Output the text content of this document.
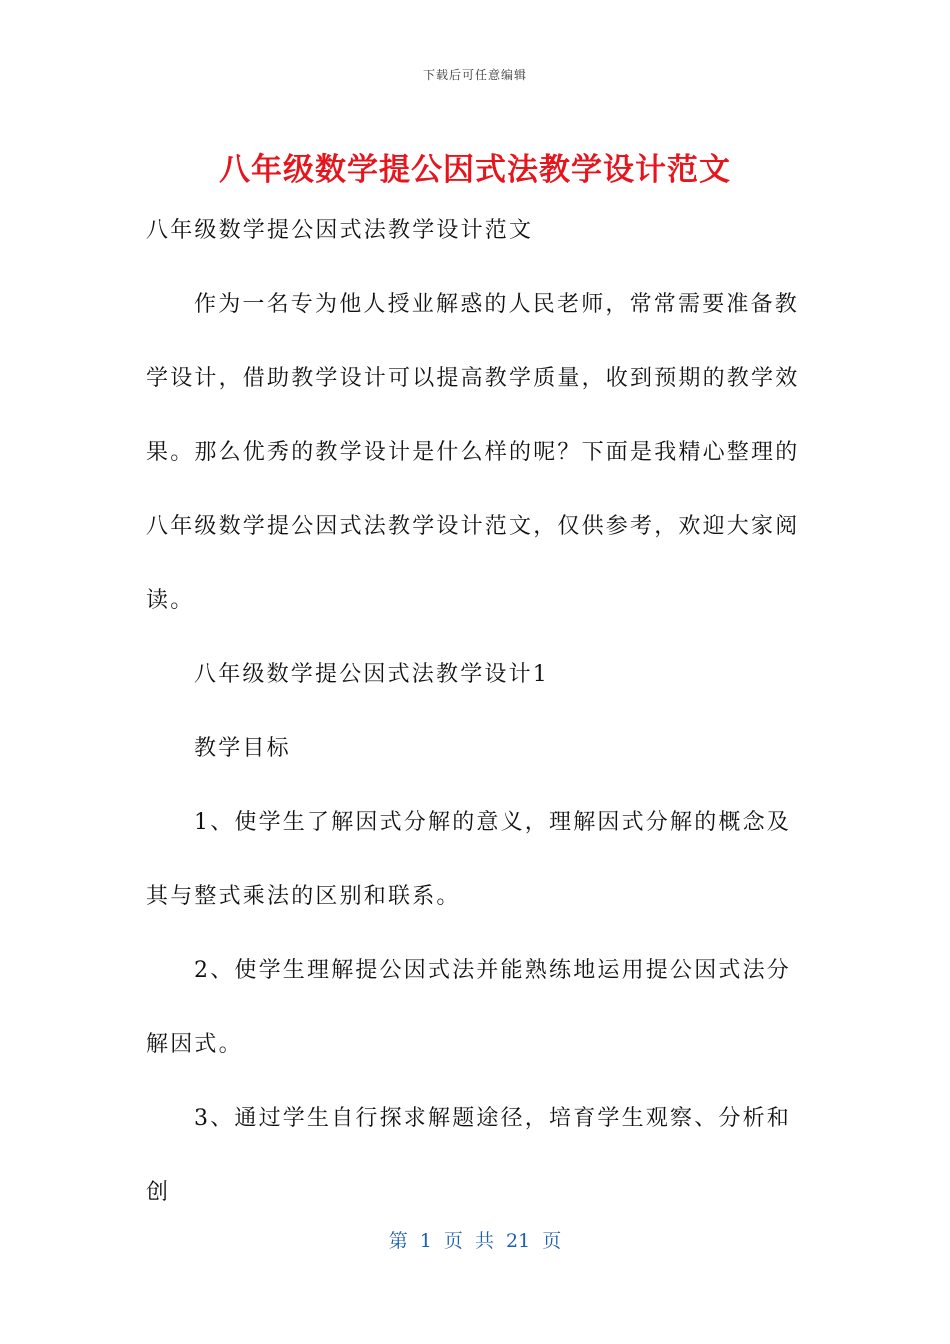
下载后可任意编辑
八年级数学提公因式法教学设计范文

八年级数学提公因式法教学设计范文

作为一名专为他人授业解惑的人民老师，常常需要准备教学设计，借助教学设计可以提高教学质量，收到预期的教学效果。那么优秀的教学设计是什么样的呢？下面是我精心整理的八年级数学提公因式法教学设计范文，仅供参考，欢迎大家阅读。

八年级数学提公因式法教学设计1

教学目标

1、使学生了解因式分解的意义，理解因式分解的概念及其与整式乘法的区别和联系。

2、使学生理解提公因式法并能熟练地运用提公因式法分解因式。

3、通过学生自行探求解题途径，培育学生观察、分析和创

第 1 页 共 21 页
